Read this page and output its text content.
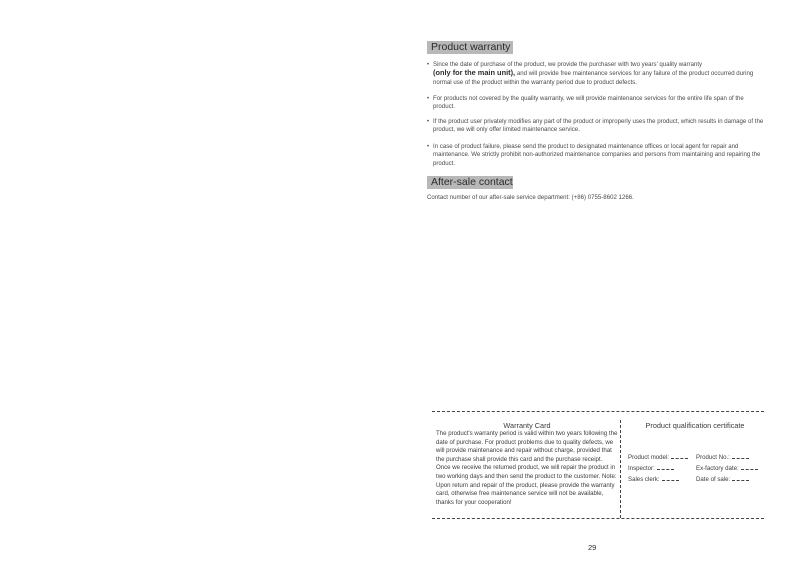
Product warranty
• Since the date of purchase of the product, we provide the purchaser with two years' quality warranty
(only for the main unit), and will provide free maintenance services for any failure of the product occurred during normal use of the product within the warranty period due to product defects.
• For products not covered by the quality warranty, we will provide maintenance services for the entire life span of the product.
• If the product user privately modifies any part of the product or improperly uses the product, which results in damage of the product, we will only offer limited maintenance service.
• In case of product failure, please send the product to designated maintenance offices or local agent for repair and maintenance. We strictly prohibit non-authorized maintenance companies and persons from maintaining and repairing the product.
After-sale contact
Contact number of our after-sale service department: (+86) 0755-8602 1266.
Warranty Card
The product's warranty period is valid within two years following the date of purchase. For product problems due to quality defects, we will provide maintenance and repair without charge, provided that the purchase shall provide this card and the purchase receipt. Once we receive the returned product, we will repair the product in two working days and then send the product to the customer. Note: Upon return and repair of the product, please provide the warranty card, otherwise free maintenance service will not be available, thanks for your cooperation!
Product qualification certificate
Product model:	Product No.:
Inspector:	Ex-factory date:
Sales clerk:	Date of sale:
29
